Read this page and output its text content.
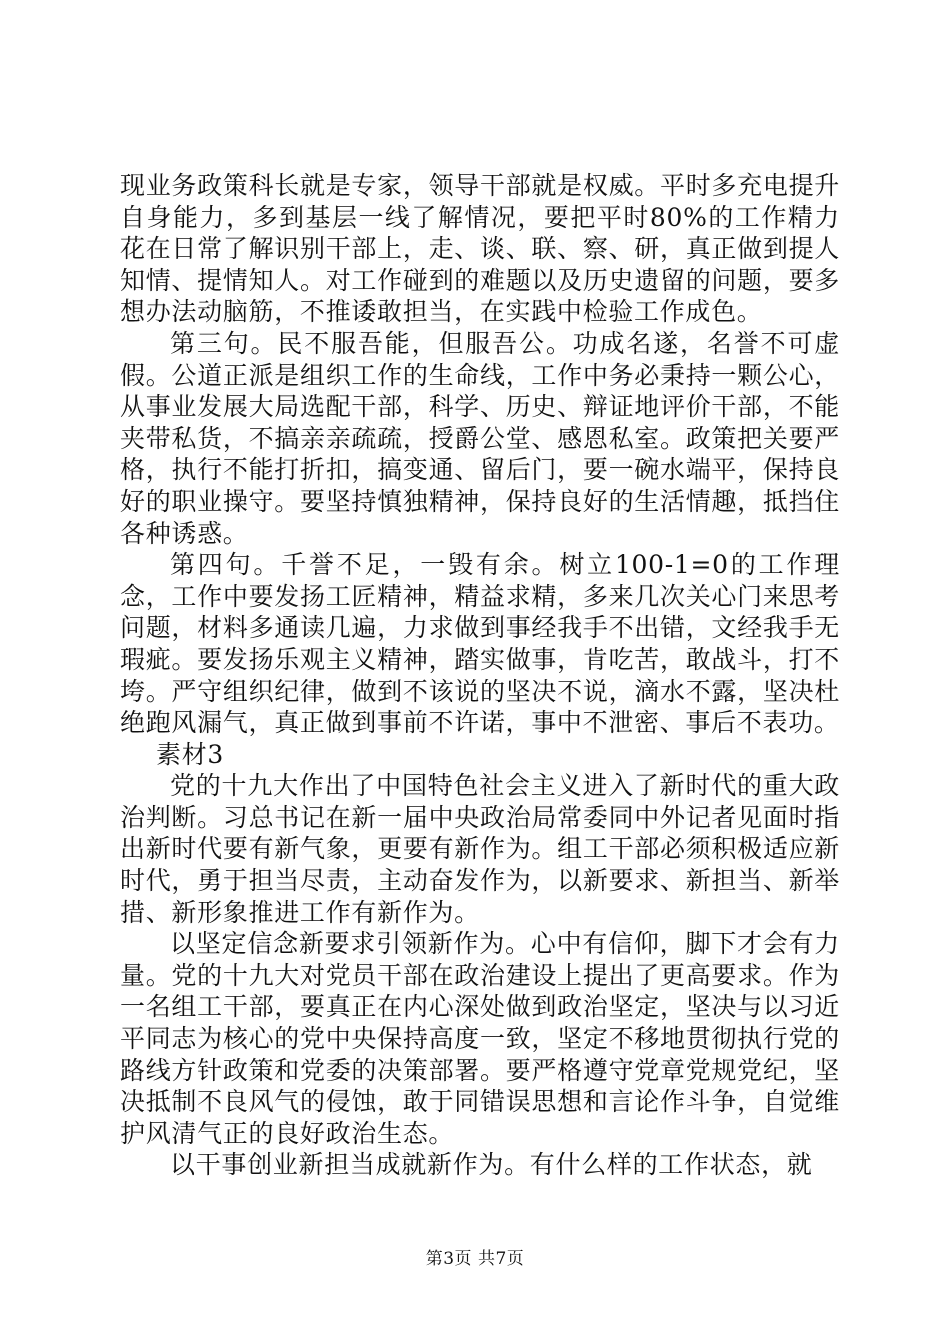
现业务政策科长就是专家，领导干部就是权威。平时多充电提升自身能力，多到基层一线了解情况，要把平时80%的工作精力花在日常了解识别干部上，走、谈、联、察、研，真正做到提人知情、提情知人。对工作碰到的难题以及历史遗留的问题，要多想办法动脑筋，不推诿敢担当，在实践中检验工作成色。

第三句。民不服吾能，但服吾公。功成名遂，名誉不可虚假。公道正派是组织工作的生命线，工作中务必秉持一颗公心，从事业发展大局选配干部，科学、历史、辩证地评价干部，不能夹带私货，不搞亲亲疏疏，授爵公堂、感恩私室。政策把关要严格，执行不能打折扣，搞变通、留后门，要一碗水端平，保持良好的职业操守。要坚持慎独精神，保持良好的生活情趣，抵挡住各种诱惑。

第四句。千誉不足，一毁有余。树立100-1=0的工作理念，工作中要发扬工匠精神，精益求精，多来几次关心门来思考问题，材料多通读几遍，力求做到事经我手不出错，文经我手无瑕疵。要发扬乐观主义精神，踏实做事，肯吃苦，敢战斗，打不垮。严守组织纪律，做到不该说的坚决不说，滴水不露，坚决杜绝跑风漏气，真正做到事前不许诺，事中不泄密、事后不表功。

素材3

党的十九大作出了中国特色社会主义进入了新时代的重大政治判断。习总书记在新一届中央政治局常委同中外记者见面时指出新时代要有新气象，更要有新作为。组工干部必须积极适应新时代，勇于担当尽责，主动奋发作为，以新要求、新担当、新举措、新形象推进工作有新作为。

以坚定信念新要求引领新作为。心中有信仰，脚下才会有力量。党的十九大对党员干部在政治建设上提出了更高要求。作为一名组工干部，要真正在内心深处做到政治坚定，坚决与以习近平同志为核心的党中央保持高度一致，坚定不移地贯彻执行党的路线方针政策和党委的决策部署。要严格遵守党章党规党纪，坚决抵制不良风气的侵蚀，敢于同错误思想和言论作斗争，自觉维护风清气正的良好政治生态。

以干事创业新担当成就新作为。有什么样的工作状态，就

第3页 共7页
